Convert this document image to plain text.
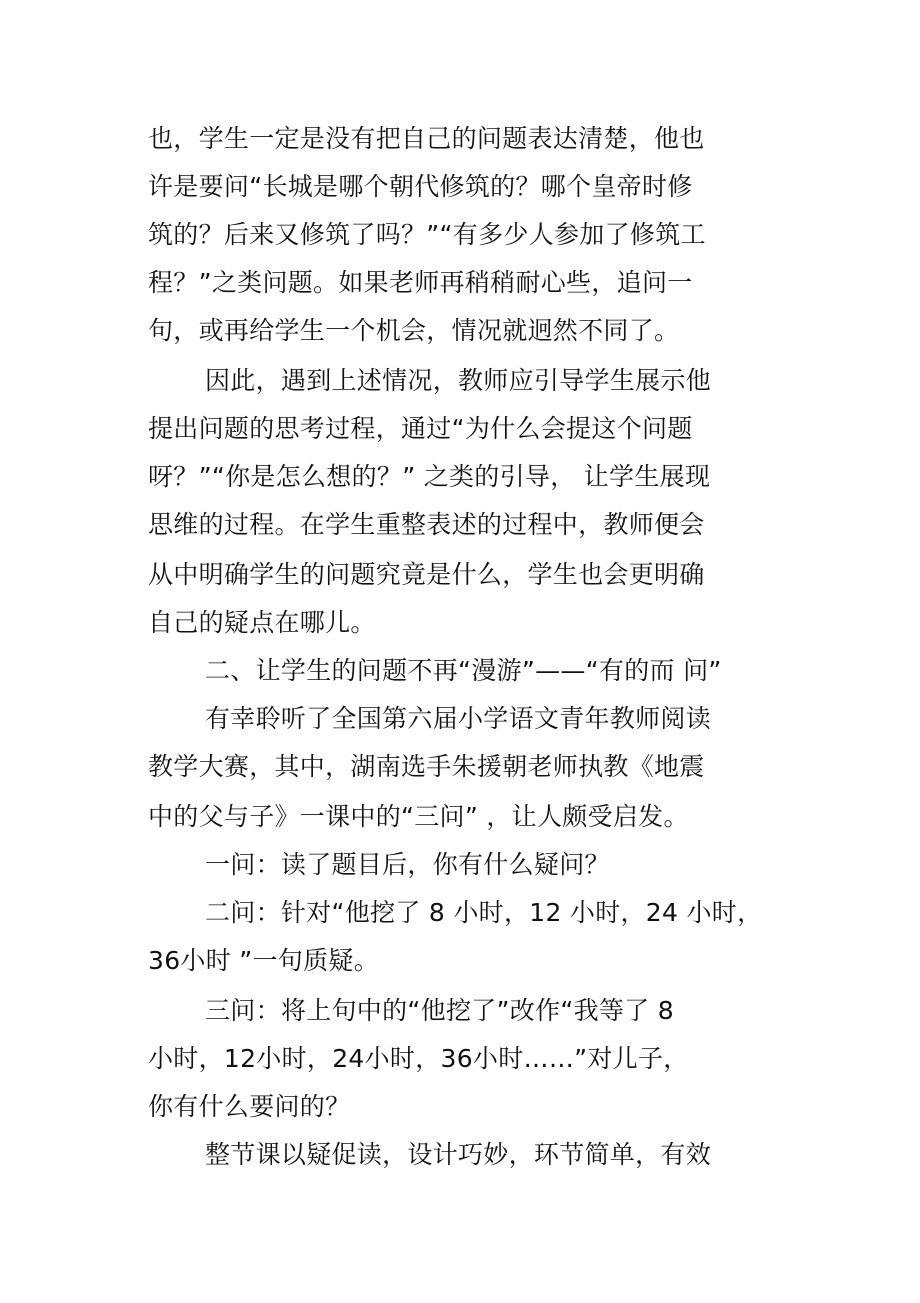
也，学生一定是没有把自己的问题表达清楚，他也
许是要问“长城是哪个朝代修筑的？哪个皇帝时修
筑的？后来又修筑了吗？”“有多少人参加了修筑工
程？”之类问题。如果老师再稍稍耐心些，追问一
句，或再给学生一个机会，情况就迥然不同了。
因此，遇到上述情况，教师应引导学生展示他
提出问题的思考过程，通过“为什么会提这个问题
呀？”“你是怎么想的？” 之类的引导， 让学生展现
思维的过程。在学生重整表述的过程中，教师便会
从中明确学生的问题究竟是什么，学生也会更明确
自己的疑点在哪儿。
二、让学生的问题不再“漫游”——“有的而 问”
有幸聆听了全国第六届小学语文青年教师阅读
教学大赛，其中，湖南选手朱援朝老师执教《地震
中的父与子》一课中的“三问” ，让人颇受启发。
一问：读了题目后，你有什么疑问？
二问：针对“他挖了 8 小时，12 小时，24 小时，
36小时 ”一句质疑。
三问：将上句中的“他挖了”改作“我等了 8
小时，12小时，24小时，36小时……”对儿子，
你有什么要问的？
整节课以疑促读，设计巧妙，环节简单，有效
